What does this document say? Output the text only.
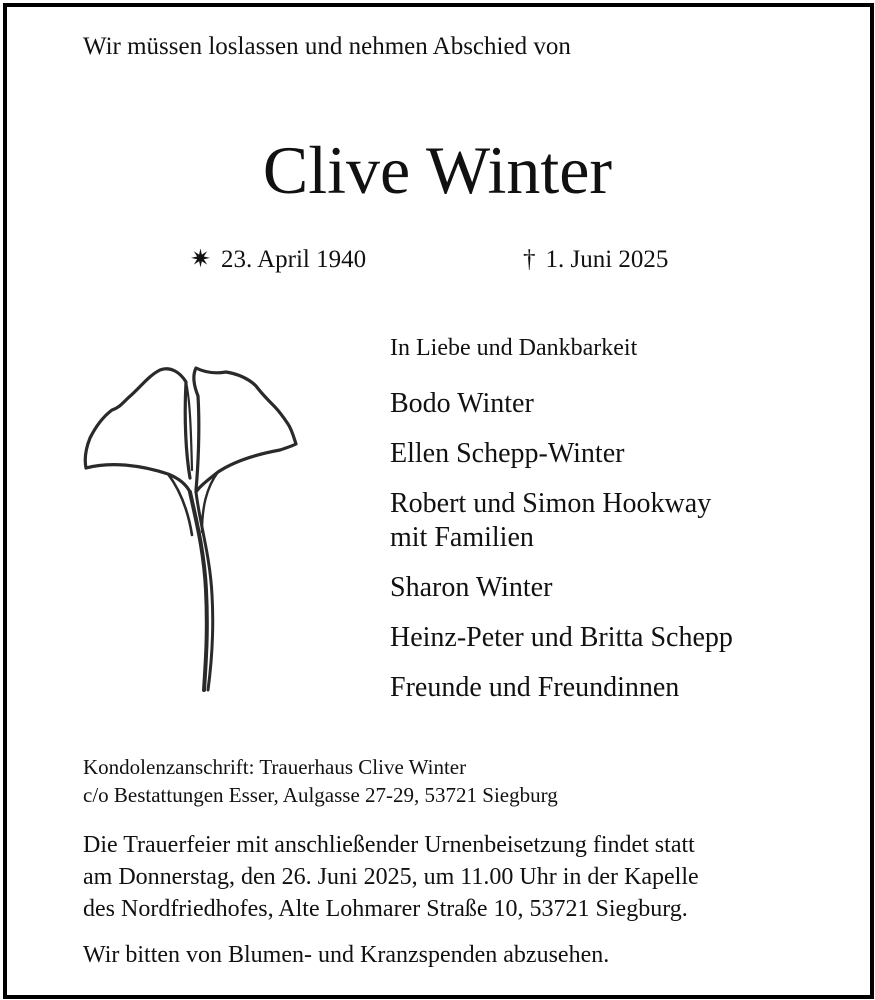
Wir müssen loslassen und nehmen Abschied von
Clive Winter
✷ 23. April 1940	† 1. Juni 2025
In Liebe und Dankbarkeit
Bodo Winter
Ellen Schepp-Winter
Robert und Simon Hookway
mit Familien
Sharon Winter
Heinz-Peter und Britta Schepp
Freunde und Freundinnen
Kondolenzanschrift: Trauerhaus Clive Winter
c/o Bestattungen Esser, Aulgasse 27-29, 53721 Siegburg
Die Trauerfeier mit anschließender Urnenbeisetzung findet statt
am Donnerstag, den 26. Juni 2025, um 11.00 Uhr in der Kapelle
des Nordfriedhofes, Alte Lohmarer Straße 10, 53721 Siegburg.
Wir bitten von Blumen- und Kranzspenden abzusehen.
